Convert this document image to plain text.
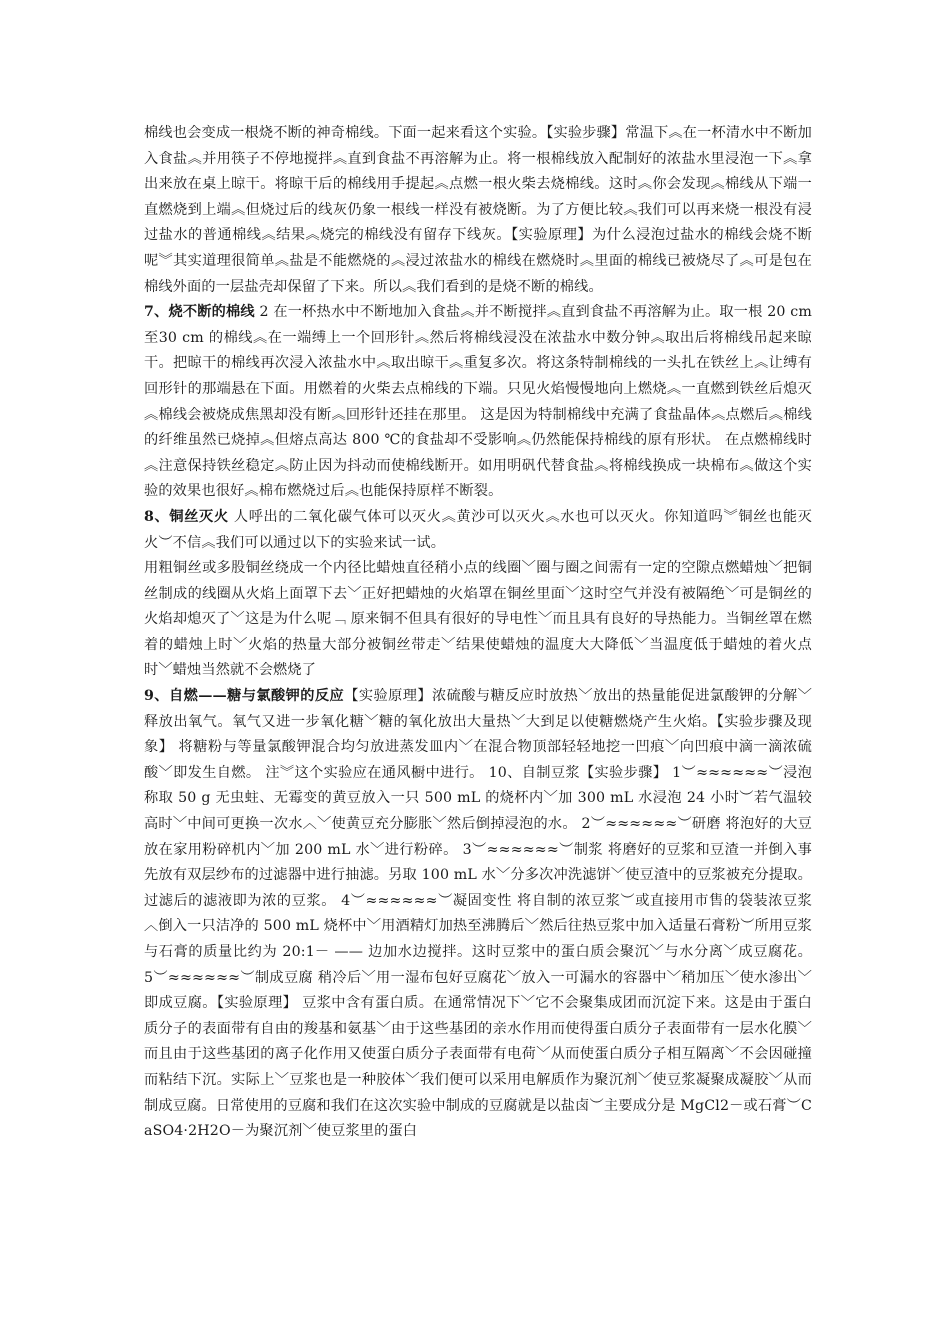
棉线也会变成一根烧不断的神奇棉线。下面一起来看这个实验。【实验步骤】常温下︽在一杯清水中不断加入食盐︽并用筷子不停地搅拌︽直到食盐不再溶解为止。将一根棉线放入配制好的浓盐水里浸泡一下︽拿出来放在桌上晾干。将晾干后的棉线用手提起︽点燃一根火柴去烧棉线。这时︽你会发现︽棉线从下端一直燃烧到上端︽但烧过后的线灰仍象一根线一样没有被烧断。为了方便比较︽我们可以再来烧一根没有浸过盐水的普通棉线︽结果︽烧完的棉线没有留存下线灰。【实验原理】为什么浸泡过盐水的棉线会烧不断呢︾其实道理很简单︽盐是不能燃烧的︽浸过浓盐水的棉线在燃烧时︽里面的棉线已被烧尽了︽可是包在棉线外面的一层盐壳却保留了下来。所以︽我们看到的是烧不断的棉线。

7、烧不断的棉线 2 在一杯热水中不断地加入食盐︽并不断搅拌︽直到食盐不再溶解为止。取一根 20 cm至30 cm 的棉线︽在一端缚上一个回形针︽然后将棉线浸没在浓盐水中数分钟︽取出后将棉线吊起来晾干。把晾干的棉线再次浸入浓盐水中︽取出晾干︽重复多次。将这条特制棉线的一头扎在铁丝上︽让缚有回形针的那端悬在下面。用燃着的火柴去点棉线的下端。只见火焰慢慢地向上燃烧︽一直燃到铁丝后熄灭︽棉线会被烧成焦黑却没有断︽回形针还挂在那里。 这是因为特制棉线中充满了食盐晶体︽点燃后︽棉线的纤维虽然已烧掉︽但熔点高达 800 ℃的食盐却不受影响︽仍然能保持棉线的原有形状。 在点燃棉线时︽注意保持铁丝稳定︽防止因为抖动而使棉线断开。如用明矾代替食盐︽将棉线换成一块棉布︽做这个实验的效果也很好︽棉布燃烧过后︽也能保持原样不断裂。

8、铜丝灭火 人呼出的二氧化碳气体可以灭火︽黄沙可以灭火︽水也可以灭火。你知道吗︾铜丝也能灭火︶不信︽我们可以通过以下的实验来试一试。

用粗铜丝或多股铜丝绕成一个内径比蜡烛直径稍小点的线圈﹀圈与圈之间需有一定的空隙点燃蜡烛﹀把铜丝制成的线圈从火焰上面罩下去﹀正好把蜡烛的火焰罩在铜丝里面﹀这时空气并没有被隔绝﹀可是铜丝的火焰却熄灭了﹀这是为什么呢﹁ 原来铜不但具有很好的导电性﹀而且具有良好的导热能力。当铜丝罩在燃着的蜡烛上时﹀火焰的热量大部分被铜丝带走﹀结果使蜡烛的温度大大降低﹀当温度低于蜡烛的着火点时﹀蜡烛当然就不会燃烧了

9、自燃——糖与氯酸钾的反应【实验原理】浓硫酸与糖反应时放热﹀放出的热量能促进氯酸钾的分解﹀释放出氧气。氧气又进一步氧化糖﹀糖的氧化放出大量热﹀大到足以使糖燃烧产生火焰。【实验步骤及现象】 将糖粉与等量氯酸钾混合均匀放进蒸发皿内﹀在混合物顶部轻轻地挖一凹痕﹀向凹痕中滴一滴浓硫酸﹀即发生自燃。 注︾这个实验应在通风橱中进行。 10、自制豆浆【实验步骤】 1︶≈≈≈≈≈≈︶浸泡 称取 50 g 无虫蛀、无霉变的黄豆放入一只 500 mL 的烧杯内﹀加 300 mL 水浸泡 24 小时︶若气温较高时﹀中间可更换一次水︿﹀使黄豆充分膨胀﹀然后倒掉浸泡的水。 2︶≈≈≈≈≈≈︶研磨 将泡好的大豆放在家用粉碎机内﹀加 200 mL 水﹀进行粉碎。 3︶≈≈≈≈≈≈︶制浆 将磨好的豆浆和豆渣一并倒入事先放有双层纱布的过滤器中进行抽滤。另取 100 mL 水﹀分多次冲洗滤饼﹀使豆渣中的豆浆被充分提取。过滤后的滤液即为浓的豆浆。 4︶≈≈≈≈≈≈︶凝固变性 将自制的浓豆浆︶或直接用市售的袋装浓豆浆︿倒入一只洁净的 500 mL 烧杯中﹀用酒精灯加热至沸腾后﹀然后往热豆浆中加入适量石膏粉︶所用豆浆与石膏的质量比约为 20:1－ —— 边加水边搅拌。这时豆浆中的蛋白质会聚沉﹀与水分离﹀成豆腐花。 5︶≈≈≈≈≈≈︶制成豆腐 稍冷后﹀用一湿布包好豆腐花﹀放入一可漏水的容器中﹀稍加压﹀使水渗出﹀即成豆腐。【实验原理】 豆浆中含有蛋白质。在通常情况下﹀它不会聚集成团而沉淀下来。这是由于蛋白质分子的表面带有自由的羧基和氨基﹀由于这些基团的亲水作用而使得蛋白质分子表面带有一层水化膜﹀而且由于这些基团的离子化作用又使蛋白质分子表面带有电荷﹀从而使蛋白质分子相互隔离﹀不会因碰撞而粘结下沉。实际上﹀豆浆也是一种胶体﹀我们便可以采用电解质作为聚沉剂﹀使豆浆凝聚成凝胶﹀从而制成豆腐。日常使用的豆腐和我们在这次实验中制成的豆腐就是以盐卤︶主要成分是 MgCl2－或石膏︶CaSO4·2H2O－为聚沉剂﹀使豆浆里的蛋白
